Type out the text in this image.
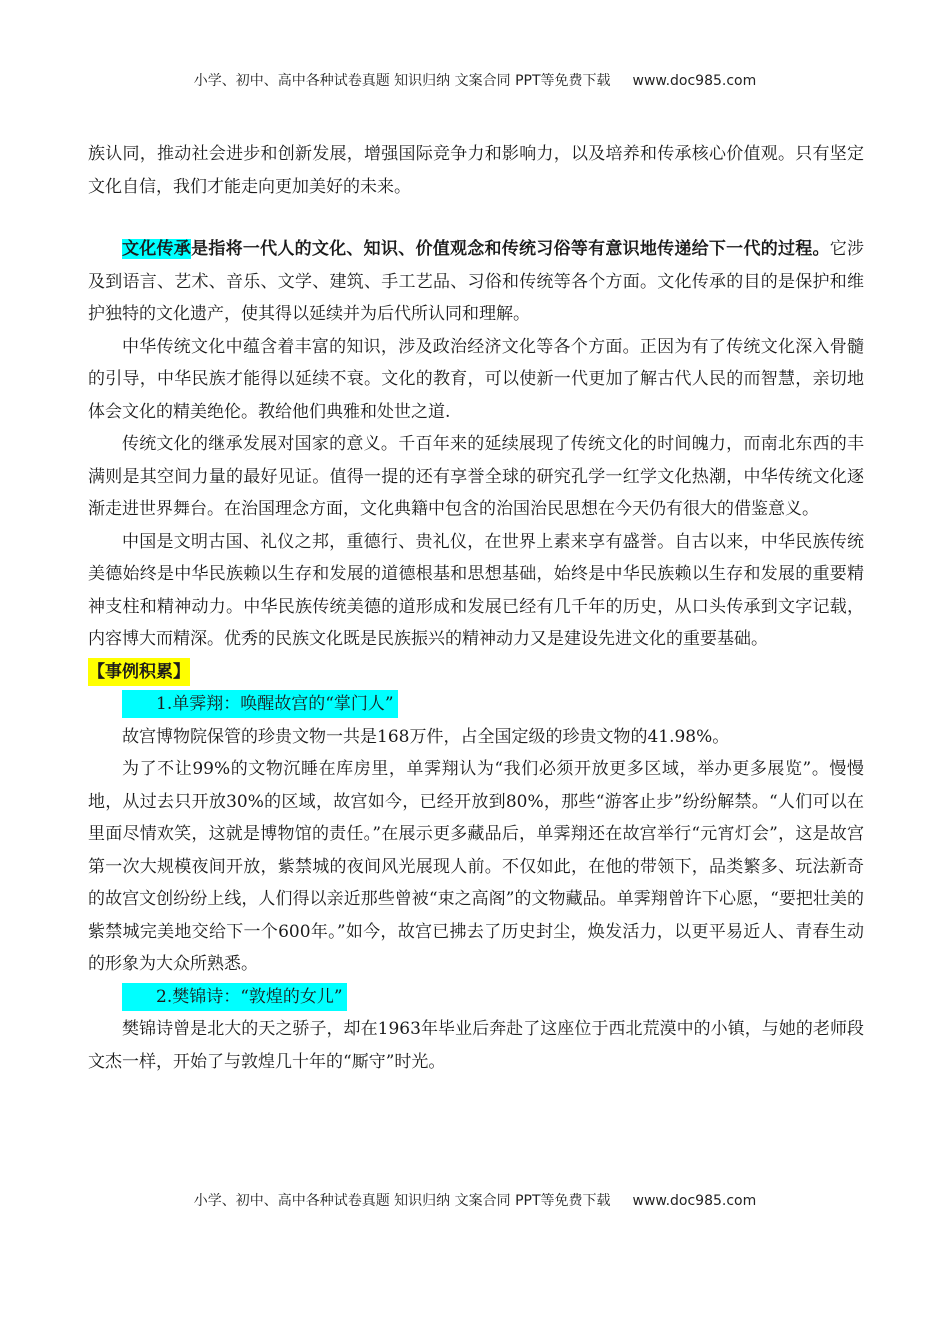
小学、初中、高中各种试卷真题 知识归纳 文案合同 PPT等免费下载 www.doc985.com

族认同，推动社会进步和创新发展，增强国际竞争力和影响力，以及培养和传承核心价值观。只有坚定文化自信，我们才能走向更加美好的未来。

文化传承是指将一代人的文化、知识、价值观念和传统习俗等有意识地传递给下一代的过程。它涉及到语言、艺术、音乐、文学、建筑、手工艺品、习俗和传统等各个方面。文化传承的目的是保护和维护独特的文化遗产，使其得以延续并为后代所认同和理解。

中华传统文化中蕴含着丰富的知识，涉及政治经济文化等各个方面。正因为有了传统文化深入骨髓的引导，中华民族才能得以延续不衰。文化的教育，可以使新一代更加了解古代人民的而智慧，亲切地体会文化的精美绝伦。教给他们典雅和处世之道.

传统文化的继承发展对国家的意义。千百年来的延续展现了传统文化的时间魄力，而南北东西的丰满则是其空间力量的最好见证。值得一提的还有享誉全球的研究孔学一红学文化热潮，中华传统文化逐渐走进世界舞台。在治国理念方面，文化典籍中包含的治国治民思想在今天仍有很大的借鉴意义。

中国是文明古国、礼仪之邦，重德行、贵礼仪，在世界上素来享有盛誉。自古以来，中华民族传统美德始终是中华民族赖以生存和发展的道德根基和思想基础，始终是中华民族赖以生存和发展的重要精神支柱和精神动力。中华民族传统美德的道形成和发展已经有几千年的历史，从口头传承到文字记载，内容博大而精深。优秀的民族文化既是民族振兴的精神动力又是建设先进文化的重要基础。

【事例积累】

1.单霁翔：唤醒故宫的“掌门人”

故宫博物院保管的珍贵文物一共是168万件，占全国定级的珍贵文物的41.98%。

为了不让99%的文物沉睡在库房里，单霁翔认为“我们必须开放更多区域，举办更多展览”。慢慢地，从过去只开放30%的区域，故宫如今，已经开放到80%，那些“游客止步”纷纷解禁。“人们可以在里面尽情欢笑，这就是博物馆的责任。”在展示更多藏品后，单霁翔还在故宫举行“元宵灯会”，这是故宫第一次大规模夜间开放，紫禁城的夜间风光展现人前。不仅如此，在他的带领下，品类繁多、玩法新奇的故宫文创纷纷上线，人们得以亲近那些曾被“束之高阁”的文物藏品。单霁翔曾许下心愿，“要把壮美的紫禁城完美地交给下一个600年。”如今，故宫已拂去了历史封尘，焕发活力，以更平易近人、青春生动的形象为大众所熟悉。

2.樊锦诗：“敦煌的女儿”

樊锦诗曾是北大的天之骄子，却在1963年毕业后奔赴了这座位于西北荒漠中的小镇，与她的老师段文杰一样，开始了与敦煌几十年的“厮守”时光。

小学、初中、高中各种试卷真题 知识归纳 文案合同 PPT等免费下载 www.doc985.com
